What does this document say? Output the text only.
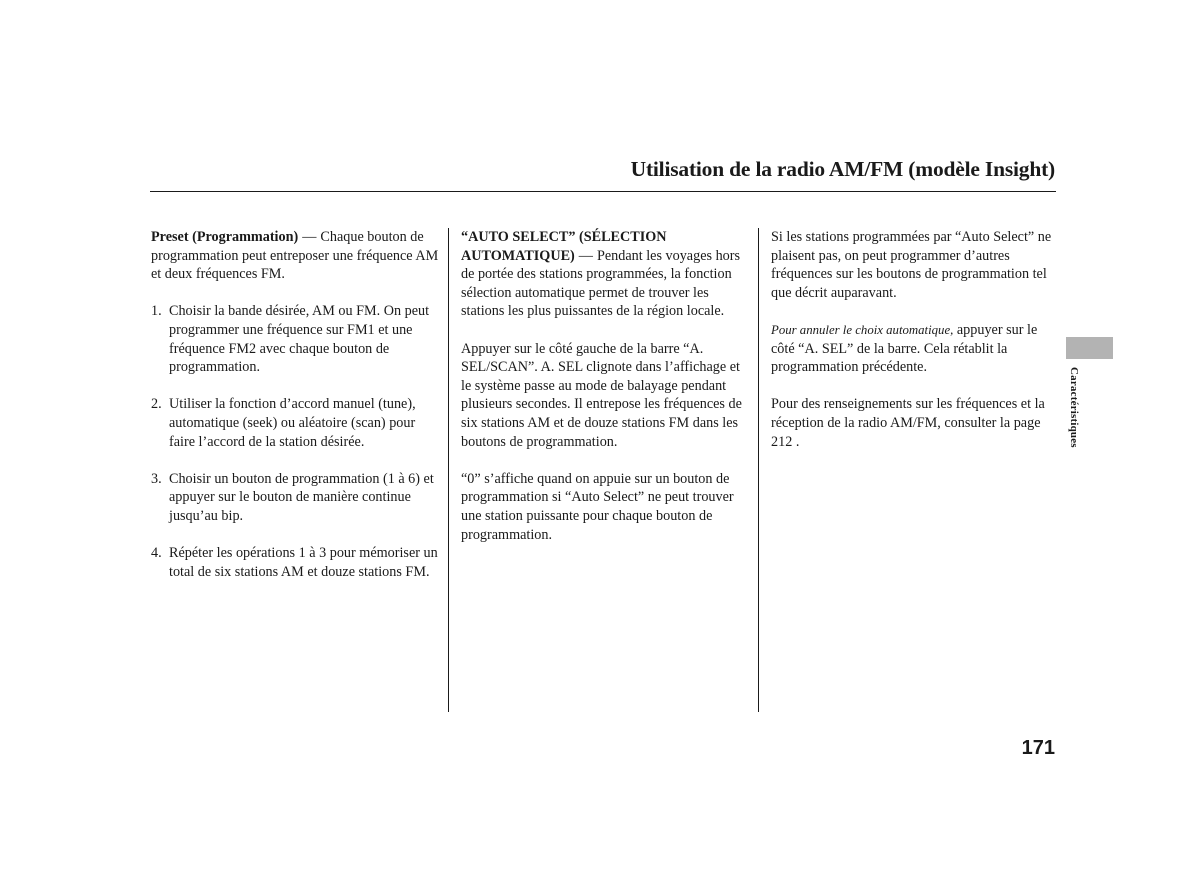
Utilisation de la radio AM/FM (modèle Insight)

Preset (Programmation) — Chaque bouton de programmation peut entreposer une fréquence AM et deux fréquences FM.

1. Choisir la bande désirée, AM ou FM. On peut programmer une fréquence sur FM1 et une fréquence FM2 avec chaque bouton de programmation.
2. Utiliser la fonction d’accord manuel (tune), automatique (seek) ou aléatoire (scan) pour faire l’accord de la station désirée.
3. Choisir un bouton de programmation (1 à 6) et appuyer sur le bouton de manière continue jusqu’au bip.
4. Répéter les opérations 1 à 3 pour mémoriser un total de six stations AM et douze stations FM.

“AUTO SELECT” (SÉLECTION AUTOMATIQUE) — Pendant les voyages hors de portée des stations programmées, la fonction sélection automatique permet de trouver les stations les plus puissantes de la région locale.

Appuyer sur le côté gauche de la barre “A. SEL/SCAN”. A. SEL clignote dans l’affichage et le système passe au mode de balayage pendant plusieurs secondes. Il entrepose les fréquences de six stations AM et de douze stations FM dans les boutons de programmation.

“0” s’affiche quand on appuie sur un bouton de programmation si “Auto Select” ne peut trouver une station puissante pour chaque bouton de programmation.

Si les stations programmées par “Auto Select” ne plaisent pas, on peut programmer d’autres fréquences sur les boutons de programmation tel que décrit auparavant.

Pour annuler le choix automatique, appuyer sur le côté “A. SEL” de la barre. Cela rétablit la programmation précédente.

Pour des renseignements sur les fréquences et la réception de la radio AM/FM, consulter la page 212 .	Caractéristiques
171
